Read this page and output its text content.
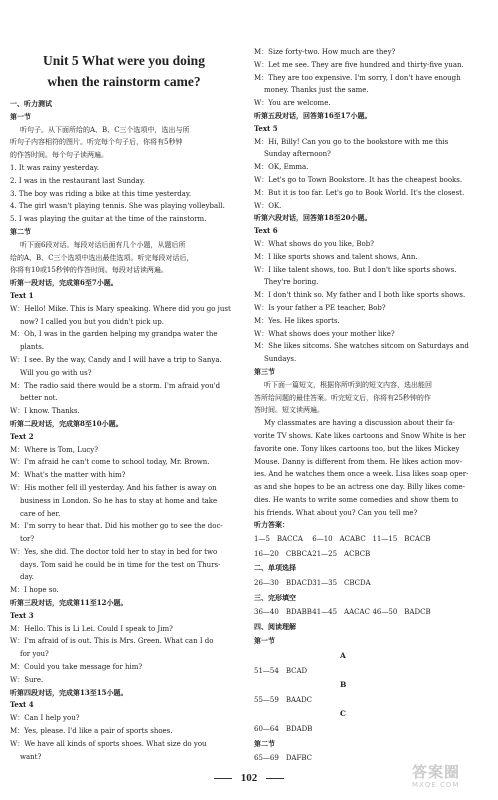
Unit 5 What were you doing
when the rainstorm came?
一、听力测试
第一节
听句子。从下面所给的A、B、C三个选项中，选出与所
听句子内容相符的图片。听完每个句子后，你将有5秒钟
的作答时间。每个句子读两遍。
1. It was rainy yesterday.
2. I was in the restaurant last Sunday.
3. The boy was riding a bike at this time yesterday.
4. The girl wasn't playing tennis. She was playing volleyball.
5. I was playing the guitar at the time of the rainstorm.
第二节
听下面6段对话。每段对话后面有几个小题，从题后所
给的A、B、C三个选项中选出最佳选项。听完每段对话后，
你将有10或15秒钟的作答时间。每段对话读两遍。
听第一段对话，完成第6至7小题。
Text 1
W：Hello! Mike. This is Mary speaking. Where did you go just
now? I called you but you didn't pick up.
M：Oh, I was in the garden helping my grandpa water the
plants.
W：I see. By the way, Candy and I will have a trip to Sanya.
Will you go with us?
M：The radio said there would be a storm. I'm afraid you'd
better not.
W：I know. Thanks.
听第二段对话，完成第8至10小题。
Text 2
M：Where is Tom, Lucy?
W：I'm afraid he can't come to school today, Mr. Brown.
M：What's the matter with him?
W：His mother fell ill yesterday. And his father is away on
business in London. So he has to stay at home and take
care of her.
M：I'm sorry to hear that. Did his mother go to see the doc-
tor?
W：Yes, she did. The doctor told her to stay in bed for two
days. Tom said he could be in time for the test on Thurs-
day.
M：I hope so.
听第三段对话，完成第11至12小题。
Text 3
M：Hello. This is Li Lei. Could I speak to Jim?
W：I'm afraid of is out. This is Mrs. Green. What can I do
for you?
M：Could you take message for him?
W：Sure.
听第四段对话，完成第13至15小题。
Text 4
W：Can I help you?
M：Yes, please. I'd like a pair of sports shoes.
W：We have all kinds of sports shoes. What size do you
want?
M：Size forty-two. How much are they?
W：Let me see. They are five hundred and thirty-five yuan.
M：They are too expensive. I'm sorry, I don't have enough
money. Thanks just the same.
W：You are welcome.
听第五段对话，回答第16至17小题。
Text 5
M：Hi, Billy! Can you go to the bookstore with me this
Sunday afternoon?
M：OK, Emma.
W：Let's go to Town Bookstore. It has the cheapest books.
M：But it is too far. Let's go to Book World. It's the closest.
W：OK.
听第六段对话，回答第18至20小题。
Text 6
W：What shows do you like, Bob?
M：I like sports shows and talent shows, Ann.
W：I like talent shows, too. But I don't like sports shows.
They're boring.
M：I don't think so. My father and I both like sports shows.
W：Is your father a PE teacher, Bob?
M：Yes. He likes sports.
W：What shows does your mother like?
M：She likes sitcoms. She watches sitcom on Saturdays and
Sundays.
第三节
听下面一篇短文，根据你所听到的短文内容，选出能回
答所给问题的最佳答案。听完短文后，你将有25秒钟的作
答时间。短文读两遍。
My classmates are having a discussion about their fa-
vorite TV shows. Kate likes cartoons and Snow White is her
favorite one. Tony likes cartoons too, but the likes Mickey
Mouse. Danny is different from them. He likes action mov-
ies. And he watches them once a week. Lisa likes soap oper-
as and she hopes to be an actress one day. Billy likes come-
dies. He wants to write some comedies and show them to
his friends. What about you? Can you tell me?
听力答案：
1—5　BACCA 6—10　ACABC 11—15　BCACB
16—20　CBBCA 21—25　ACBCB
二、单项选择
26—30　BDACD 31—35　CBCDA
三、完形填空
36—40　BDABB 41—45　AACAC 46—50　BADCB
四、阅读理解
第一节
A
51—54　BCAD
B
55—59　BAADC
C
60—64　BDADB
第二节
65—69　DAFBC
102	答案圈
MXQE.COM
